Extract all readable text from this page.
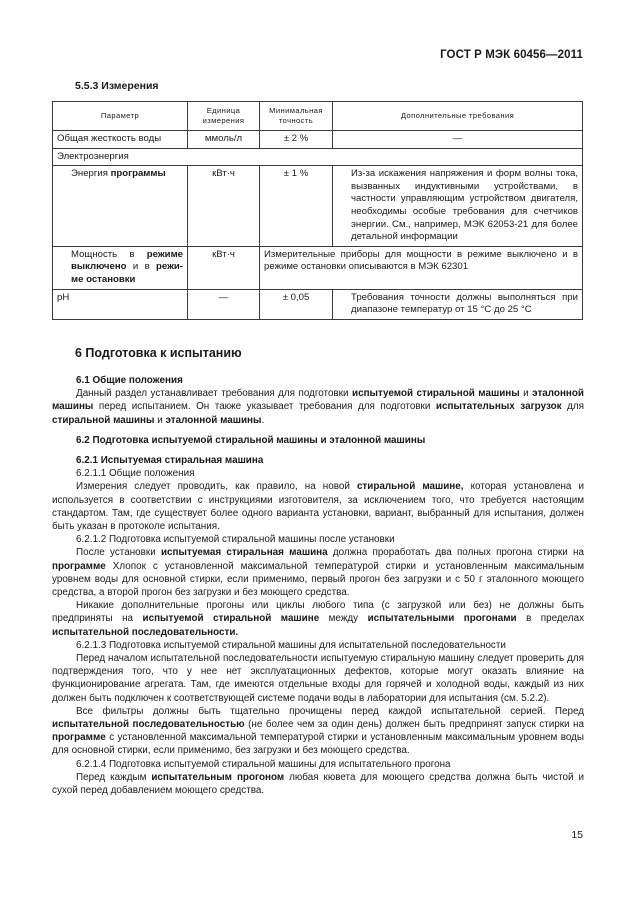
ГОСТ Р МЭК 60456—2011
5.5.3 Измерения
Параметр	Единица измерения	Минимальная точность	Дополнительные требования
Общая жесткость воды	ммоль/л	± 2 %	—
Электроэнергия			
Энергия программы	кВт·ч	± 1 %	Из-за искажения напряжения и форм волны тока, вызванных индуктивными устройствами, в частности управляющим устройством двигателя, необходимы особые требования для счетчиков энергии. См., например, МЭК 62053-21 для более детальной информации
Мощность в режиме выключено и в режи-ме остановки	кВт·ч	Измерительные приборы для мощности в режиме выключено и в режиме остановки описываются в МЭК 62301	
pH	—	± 0,05	Требования точности должны выполняться при диапазоне температур от 15 °С до 25 °С
6 Подготовка к испытанию

6.1 Общие положения

Данный раздел устанавливает требования для подготовки испытуемой стиральной машины и эталонной машины перед испытанием. Он также указывает требования для подготовки испытательных загрузок для стиральной машины и эталонной машины.

6.2 Подготовка испытуемой стиральной машины и эталонной машины

6.2.1 Испытуемая стиральная машина

6.2.1.1 Общие положения

Измерения следует проводить, как правило, на новой стиральной машине, которая установлена и используется в соответствии с инструкциями изготовителя, за исключением того, что требуется настоящим стандартом. Там, где существует более одного варианта установки, вариант, выбранный для испытания, должен быть указан в протоколе испытания.

6.2.1.2 Подготовка испытуемой стиральной машины после установки

После установки испытуемая стиральная машина должна проработать два полных прогона стирки на программе Хлопок с установленной максимальной температурой стирки и установленным максимальным уровнем воды для основной стирки, если применимо, первый прогон без загрузки и с 50 г эталонного моющего средства, а второй прогон без загрузки и без моющего средства.

Никакие дополнительные прогоны или циклы любого типа (с загрузкой или без) не должны быть предприняты на испытуемой стиральной машине между испытательными прогонами в пределах испытательной последовательности.

6.2.1.3 Подготовка испытуемой стиральной машины для испытательной последовательности

Перед началом испытательной последовательности испытуемую стиральную машину следует проверить для подтверждения того, что у нее нет эксплуатационных дефектов, которые могут оказать влияние на функционирование агрегата. Там, где имеются отдельные входы для горячей и холодной воды, каждый из них должен быть подключен к соответствующей системе подачи воды в лаборатории для испытания (см. 5.2.2).

Все фильтры должны быть тщательно прочищены перед каждой испытательной серией. Перед испытательной последовательностью (не более чем за один день) должен быть предпринят запуск стирки на программе с установленной максимальной температурой стирки и установленным максимальным уровнем воды для основной стирки, если применимо, без загрузки и без моющего средства.

6.2.1.4 Подготовка испытуемой стиральной машины для испытательного прогона

Перед каждым испытательным прогоном любая кювета для моющего средства должна быть чистой и сухой перед добавлением моющего средства.

15
